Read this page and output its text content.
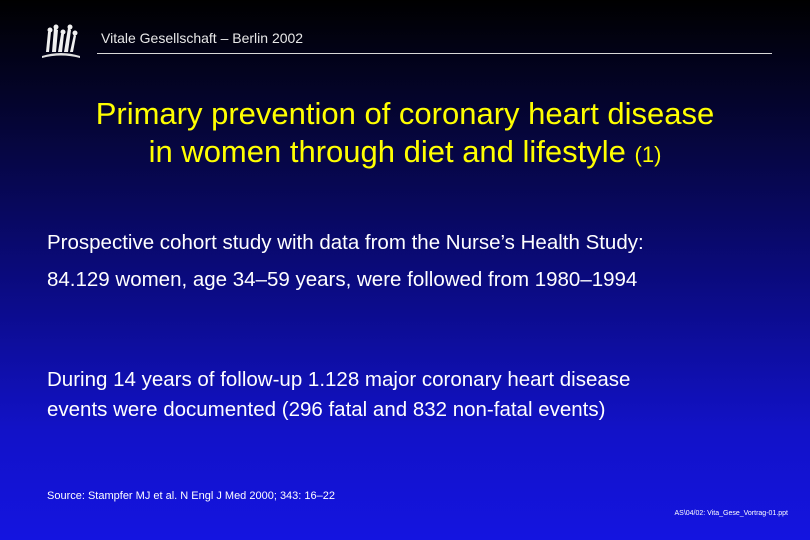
Vitale Gesellschaft – Berlin 2002
Primary prevention of coronary heart disease
in women through diet and lifestyle (1)
Prospective cohort study with data from the Nurse’s Health Study:
84.129 women, age 34–59 years, were followed from 1980–1994
During 14 years of follow-up 1.128 major coronary heart disease
events were documented (296 fatal and 832 non-fatal events)
Source: Stampfer MJ et al. N Engl J Med 2000; 343: 16–22
AS\04/02: Vita_Gese_Vortrag-01.ppt
